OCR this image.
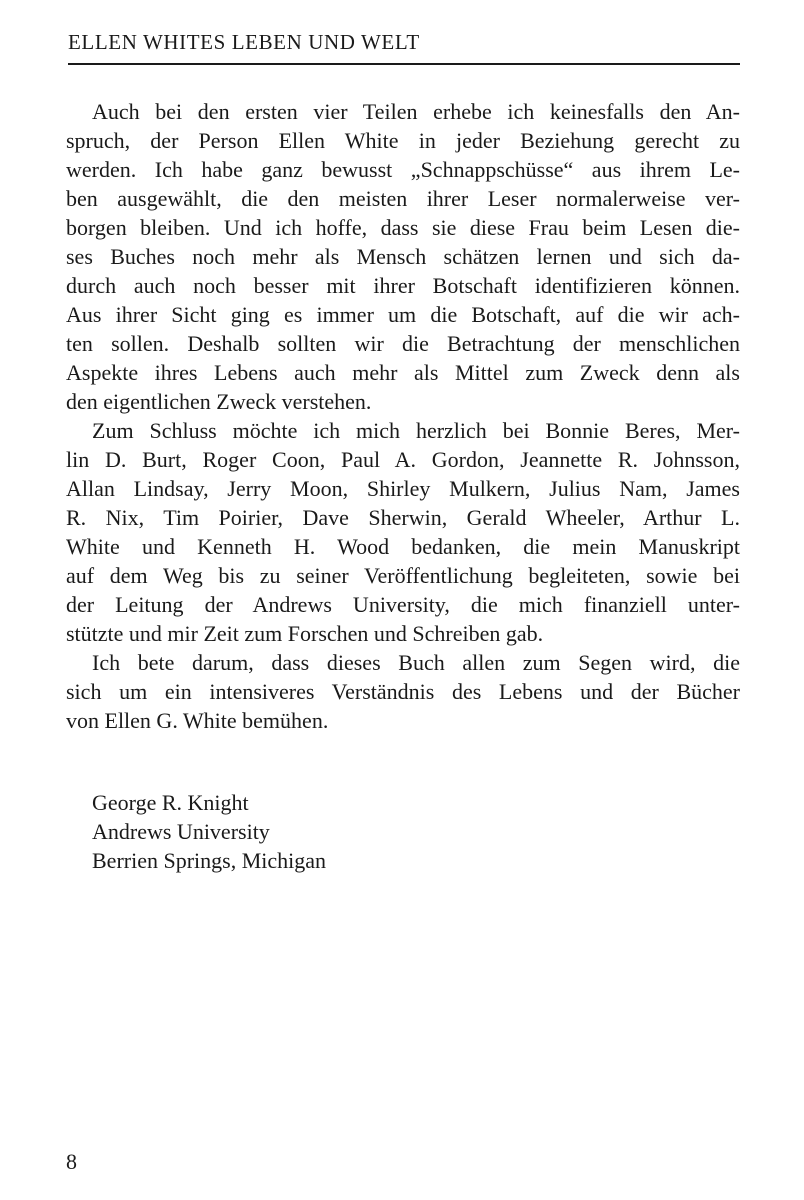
ELLEN WHITES LEBEN UND WELT
Auch bei den ersten vier Teilen erhebe ich keinesfalls den An-
spruch, der Person Ellen White in jeder Beziehung gerecht zu
werden. Ich habe ganz bewusst „Schnappschüsse“ aus ihrem Le-
ben ausgewählt, die den meisten ihrer Leser normalerweise ver-
borgen bleiben. Und ich hoffe, dass sie diese Frau beim Lesen die-
ses Buches noch mehr als Mensch schätzen lernen und sich da-
durch auch noch besser mit ihrer Botschaft identifizieren können.
Aus ihrer Sicht ging es immer um die Botschaft, auf die wir ach-
ten sollen. Deshalb sollten wir die Betrachtung der menschlichen
Aspekte ihres Lebens auch mehr als Mittel zum Zweck denn als
den eigentlichen Zweck verstehen.
Zum Schluss möchte ich mich herzlich bei Bonnie Beres, Mer-
lin D. Burt, Roger Coon, Paul A. Gordon, Jeannette R. Johnsson,
Allan Lindsay, Jerry Moon, Shirley Mulkern, Julius Nam, James
R. Nix, Tim Poirier, Dave Sherwin, Gerald Wheeler, Arthur L.
White und Kenneth H. Wood bedanken, die mein Manuskript
auf dem Weg bis zu seiner Veröffentlichung begleiteten, sowie bei
der Leitung der Andrews University, die mich finanziell unter-
stützte und mir Zeit zum Forschen und Schreiben gab.
Ich bete darum, dass dieses Buch allen zum Segen wird, die
sich um ein intensiveres Verständnis des Lebens und der Bücher
von Ellen G. White bemühen.
George R. Knight
Andrews University
Berrien Springs, Michigan
8
